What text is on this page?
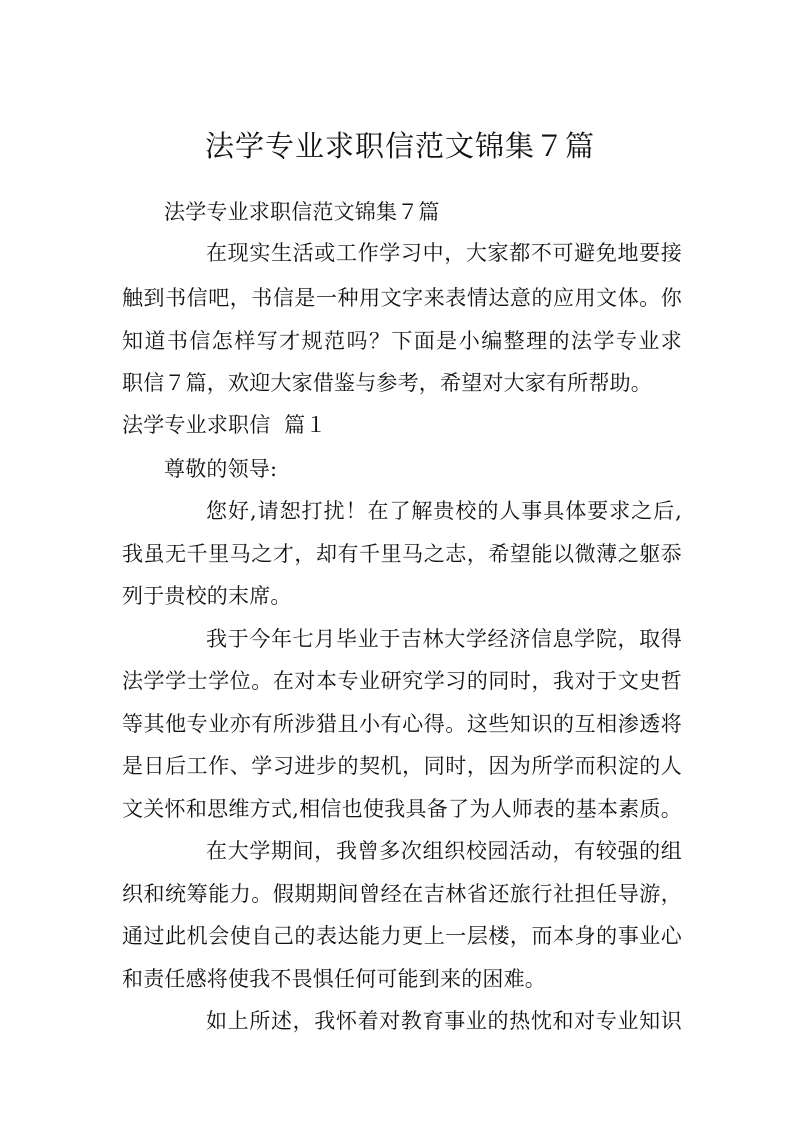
法学专业求职信范文锦集７篇
法学专业求职信范文锦集７篇
在现实生活或工作学习中，大家都不可避免地要接
触到书信吧，书信是一种用文字来表情达意的应用文体。你
知道书信怎样写才规范吗？下面是小编整理的法学专业求
职信７篇，欢迎大家借鉴与参考，希望对大家有所帮助。
法学专业求职信  篇１
尊敬的领导:
您好,请恕打扰！在了解贵校的人事具体要求之后,
我虽无千里马之才，却有千里马之志，希望能以微薄之躯忝
列于贵校的末席。
我于今年七月毕业于吉林大学经济信息学院，取得
法学学士学位。在对本专业研究学习的同时，我对于文史哲
等其他专业亦有所涉猎且小有心得。这些知识的互相渗透将
是日后工作、学习进步的契机，同时，因为所学而积淀的人
文关怀和思维方式,相信也使我具备了为人师表的基本素质。
在大学期间，我曾多次组织校园活动，有较强的组
织和统筹能力。假期期间曾经在吉林省还旅行社担任导游，
通过此机会使自己的表达能力更上一层楼，而本身的事业心
和责任感将使我不畏惧任何可能到来的困难。
如上所述，我怀着对教育事业的热忱和对专业知识
